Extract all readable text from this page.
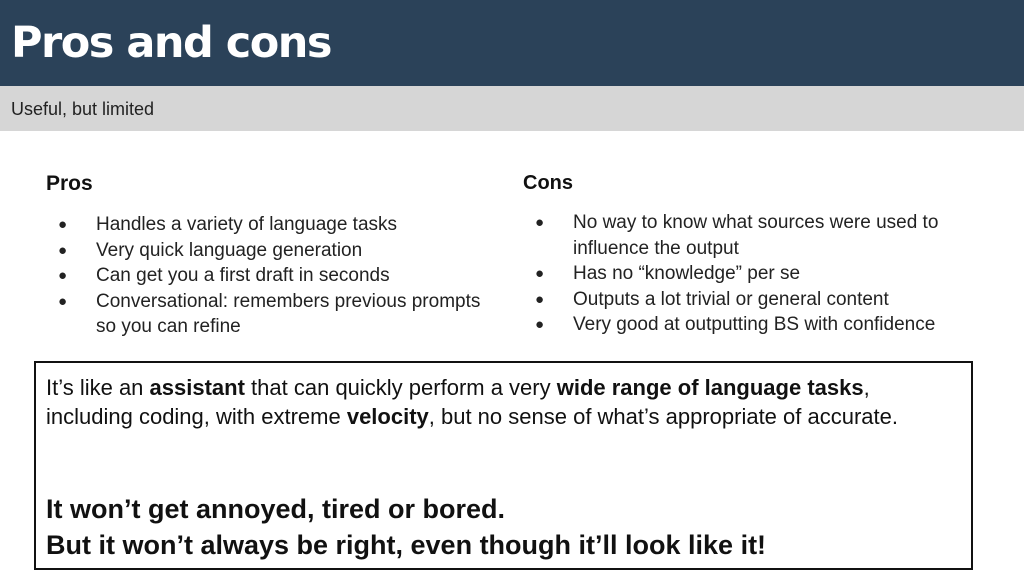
Pros and cons
Useful, but limited
Pros
● Handles a variety of language tasks
● Very quick language generation
● Can get you a first draft in seconds
● Conversational: remembers previous prompts so you can refine
Cons
● No way to know what sources were used to influence the output
● Has no “knowledge” per se
● Outputs a lot trivial or general content
● Very good at outputting BS with confidence

It’s like an assistant that can quickly perform a very wide range of language tasks, including coding, with extreme velocity, but no sense of what’s appropriate of accurate.

It won’t get annoyed, tired or bored.
But it won’t always be right, even though it’ll look like it!
